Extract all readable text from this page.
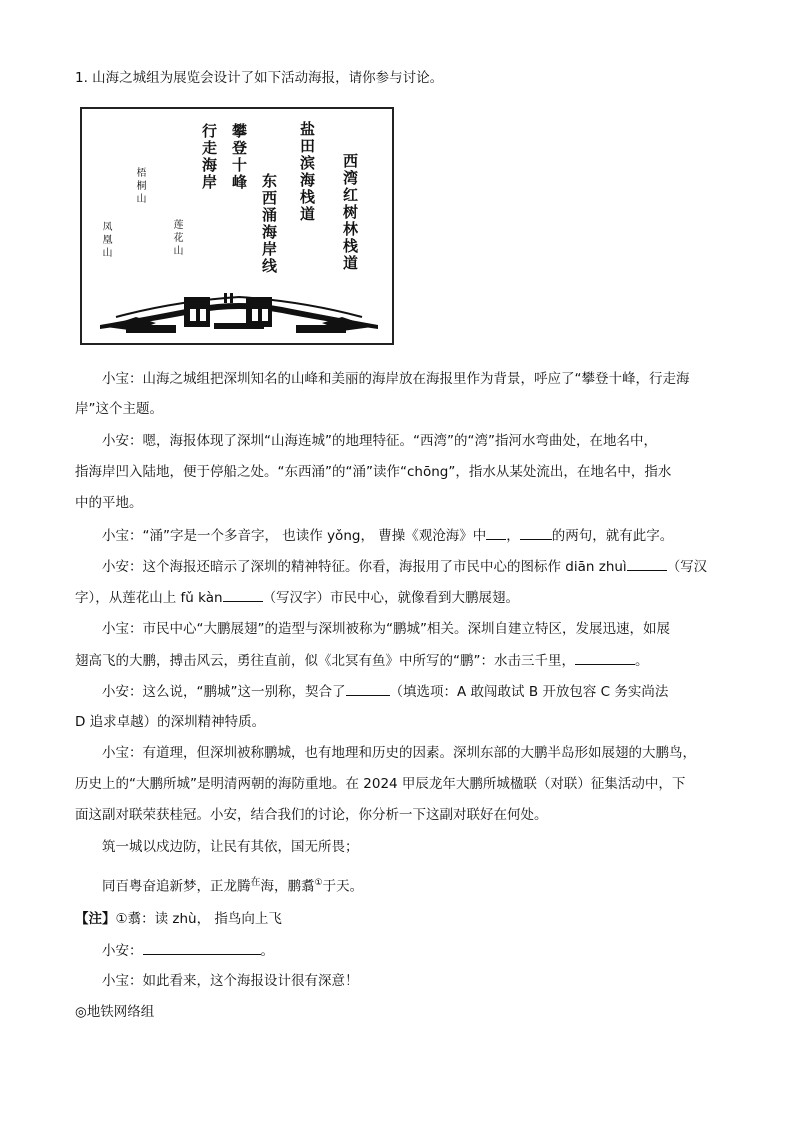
1. 山海之城组为展览会设计了如下活动海报，请你参与讨论。
西湾红树林栈道
盐田滨海栈道
东西涌海岸线
攀登十峰
行走海岸
梧桐山
莲花山
凤凰山
小宝：山海之城组把深圳知名的山峰和美丽的海岸放在海报里作为背景，呼应了“攀登十峰，行走海
岸”这个主题。
小安：嗯，海报体现了深圳“山海连城”的地理特征。“西湾”的“湾”指河水弯曲处，在地名中，
指海岸凹入陆地，便于停船之处。“东西涌”的“涌”读作“chōng”，指水从某处流出，在地名中，指水
中的平地。
小宝：“涌”字是一个多音字， 也读作 yǒng， 曹操《观沧海》中 ， 的两句，就有此字。
小安：这个海报还暗示了深圳的精神特征。你看，海报用了市民中心的图标作 diān zhuì	（写汉
字），从莲花山上 fǔ kàn	（写汉字）市民中心，就像看到大鹏展翅。
小宝：市民中心“大鹏展翅”的造型与深圳被称为“鹏城”相关。深圳自建立特区，发展迅速，如展
翅高飞的大鹏，搏击风云，勇往直前，似《北冥有鱼》中所写的“鹏”：水击三千里，	。
小安：这么说，“鹏城”这一别称，契合了	（填选项：A 敢闯敢试 B 开放包容 C 务实尚法
D 追求卓越）的深圳精神特质。
小宝：有道理，但深圳被称鹏城，也有地理和历史的因素。深圳东部的大鹏半岛形如展翅的大鹏鸟，
历史上的“大鹏所城”是明清两朝的海防重地。在 2024 甲辰龙年大鹏所城楹联（对联）征集活动中，下
面这副对联荣获桂冠。小安，结合我们的讨论，你分析一下这副对联好在何处。
筑一城以戍边防，让民有其依，国无所畏；
同百粤奋追新梦，正龙腾$^在$海，鹏翥①于天。
【注】①翥：读 zhù， 指鸟向上飞
小安：	。
小宝：如此看来，这个海报设计很有深意！
◎地铁网络组
